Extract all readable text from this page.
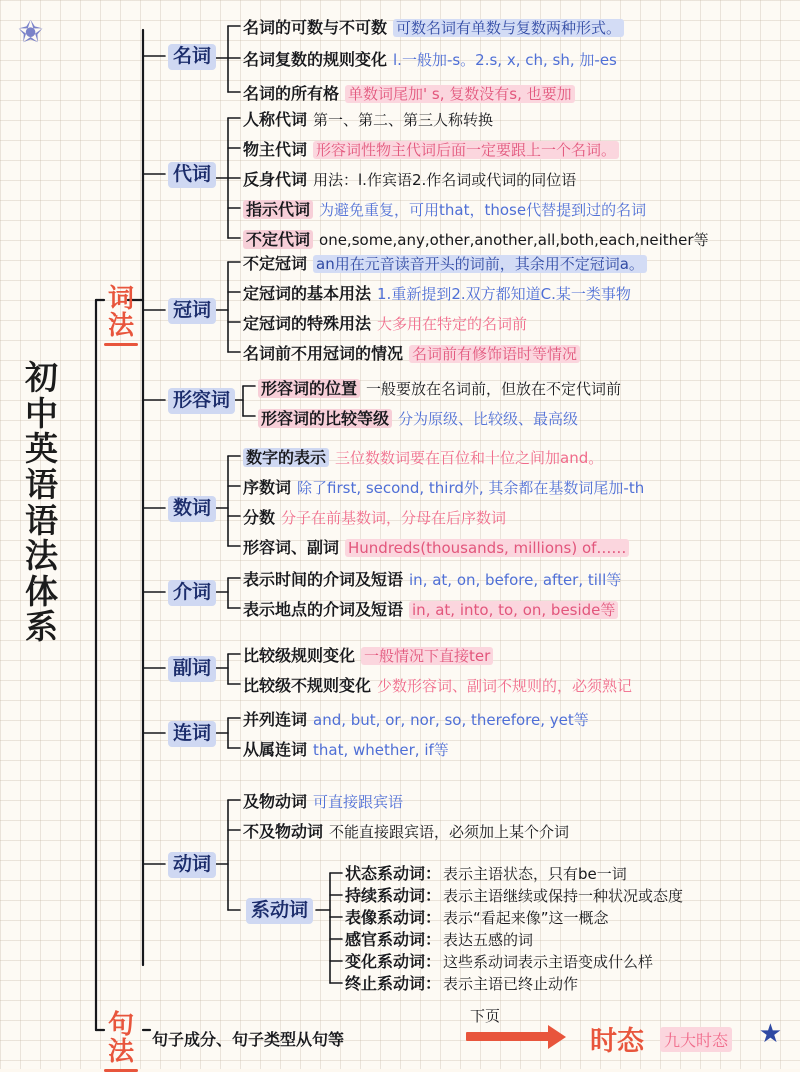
✬
★
初中英语语法体系
词法
句法
名词
名词的可数与不可数 可数名词有单数与复数两种形式。
名词复数的规则变化 l.一般加-s。2.s, x, ch, sh, 加-es
名词的所有格 单数词尾加' s, 复数没有s, 也要加
代词
人称代词 第一、第二、第三人称转换
物主代词 形容词性物主代词后面一定要跟上一个名词。
反身代词 用法：l.作宾语2.作名词或代词的同位语
指示代词 为避免重复，可用that，those代替提到过的名词
不定代词 one,some,any,other,another,all,both,each,neither等
冠词
不定冠词 an用在元音读音开头的词前，其余用不定冠词a。
定冠词的基本用法 1.重新提到2.双方都知道C.某一类事物
定冠词的特殊用法 大多用在特定的名词前
名词前不用冠词的情况 名词前有修饰语时等情况
形容词
形容词的位置 一般要放在名词前，但放在不定代词前
形容词的比较等级 分为原级、比较级、最高级
数词
数字的表示 三位数数词要在百位和十位之间加and。
序数词 除了first, second, third外, 其余都在基数词尾加-th
分数 分子在前基数词，分母在后序数词
形容词、副词 Hundreds(thousands, millions) of……
介词
表示时间的介词及短语 in, at, on, before, after, till等
表示地点的介词及短语 in, at, into, to, on, beside等
副词
比较级规则变化 一般情况下直接ter
比较级不规则变化 少数形容词、副词不规则的，必须熟记
连词
并列连词 and, but, or, nor, so, therefore, yet等
从属连词 that, whether, if等
动词
及物动词 可直接跟宾语
不及物动词 不能直接跟宾语，必须加上某个介词
系动词
状态系动词： 表示主语状态，只有be一词
持续系动词： 表示主语继续或保持一种状况或态度
表像系动词： 表示“看起来像”这一概念
感官系动词： 表达五感的词
变化系动词： 这些系动词表示主语变成什么样
终止系动词： 表示主语已终止动作
句子成分、句子类型从句等
下页
时态 九大时态
